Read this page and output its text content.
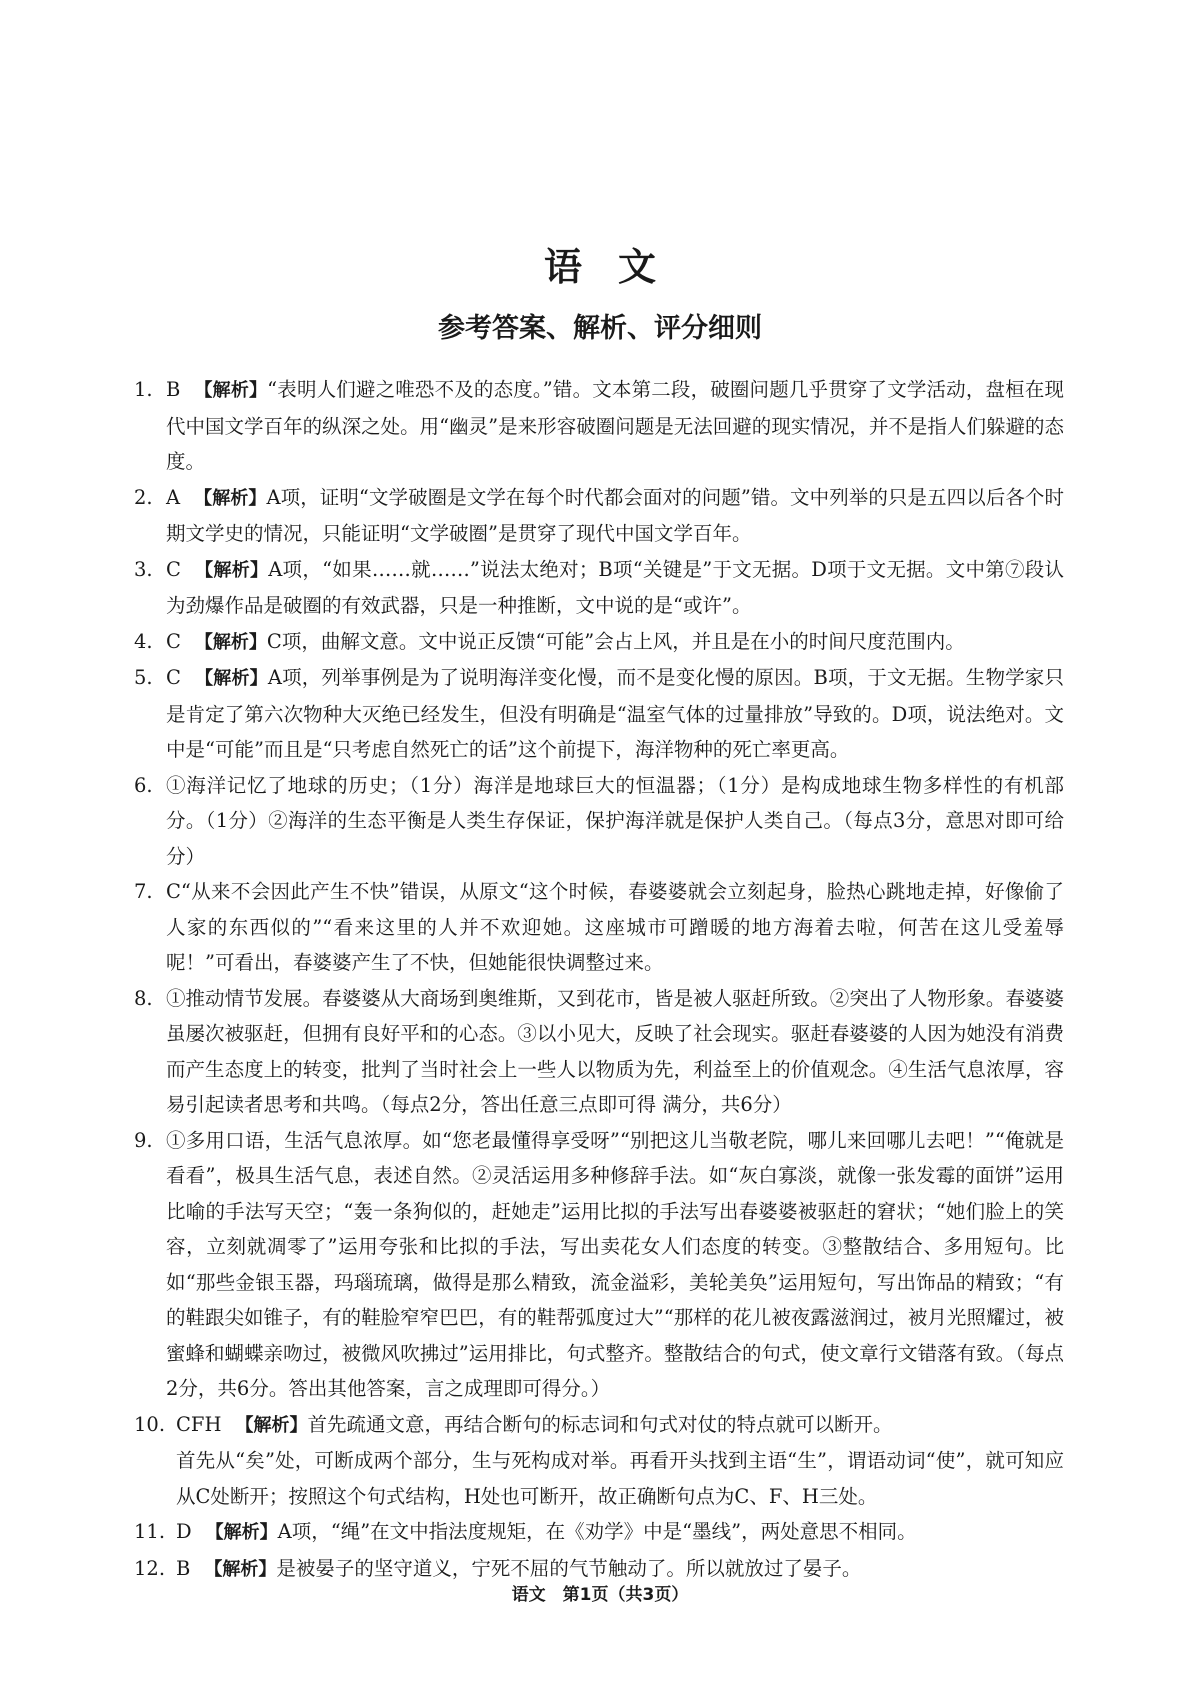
语文
参考答案、解析、评分细则

1. B 【解析】“表明人们避之唯恐不及的态度。”错。文本第二段，破圈问题几乎贯穿了文学活动，盘桓在现代中国文学百年的纵深之处。用“幽灵”是来形容破圈问题是无法回避的现实情况，并不是指人们躲避的态度。

2. A 【解析】A项，证明“文学破圈是文学在每个时代都会面对的问题”错。文中列举的只是五四以后各个时期文学史的情况，只能证明“文学破圈”是贯穿了现代中国文学百年。

3. C 【解析】A项，“如果……就……”说法太绝对；B项“关键是”于文无据。D项于文无据。文中第⑦段认为劲爆作品是破圈的有效武器，只是一种推断，文中说的是“或许”。

4. C 【解析】C项，曲解文意。文中说正反馈“可能”会占上风，并且是在小的时间尺度范围内。

5. C 【解析】A项，列举事例是为了说明海洋变化慢，而不是变化慢的原因。B项，于文无据。生物学家只是肯定了第六次物种大灭绝已经发生，但没有明确是“温室气体的过量排放”导致的。D项，说法绝对。文中是“可能”而且是“只考虑自然死亡的话”这个前提下，海洋物种的死亡率更高。

6. ①海洋记忆了地球的历史；（1分）海洋是地球巨大的恒温器；（1分）是构成地球生物多样性的有机部分。（1分）②海洋的生态平衡是人类生存保证，保护海洋就是保护人类自己。（每点3分，意思对即可给分）

7. C“从来不会因此产生不快”错误，从原文“这个时候，春婆婆就会立刻起身，脸热心跳地走掉，好像偷了人家的东西似的”“看来这里的人并不欢迎她。这座城市可蹭暖的地方海着去啦，何苦在这儿受羞辱呢！”可看出，春婆婆产生了不快，但她能很快调整过来。

8. ①推动情节发展。春婆婆从大商场到奥维斯，又到花市，皆是被人驱赶所致。②突出了人物形象。春婆婆虽屡次被驱赶，但拥有良好平和的心态。③以小见大，反映了社会现实。驱赶春婆婆的人因为她没有消费而产生态度上的转变，批判了当时社会上一些人以物质为先，利益至上的价值观念。④生活气息浓厚，容易引起读者思考和共鸣。（每点2分，答出任意三点即可得 满分，共6分）

9. ①多用口语，生活气息浓厚。如“您老最懂得享受呀”“别把这儿当敬老院，哪儿来回哪儿去吧！”“俺就是看看”，极具生活气息，表述自然。②灵活运用多种修辞手法。如“灰白寡淡，就像一张发霉的面饼”运用比喻的手法写天空；“轰一条狗似的，赶她走”运用比拟的手法写出春婆婆被驱赶的窘状；“她们脸上的笑容，立刻就凋零了”运用夸张和比拟的手法，写出卖花女人们态度的转变。③整散结合、多用短句。比如“那些金银玉器，玛瑙琉璃，做得是那么精致，流金溢彩，美轮美奂”运用短句，写出饰品的精致；“有的鞋跟尖如锥子，有的鞋脸窄窄巴巴，有的鞋帮弧度过大”“那样的花儿被夜露滋润过，被月光照耀过，被蜜蜂和蝴蝶亲吻过，被微风吹拂过”运用排比，句式整齐。整散结合的句式，使文章行文错落有致。（每点2分，共6分。答出其他答案，言之成理即可得分。）

10. CFH 【解析】首先疏通文意，再结合断句的标志词和句式对仗的特点就可以断开。
首先从“矣”处，可断成两个部分，生与死构成对举。再看开头找到主语“生”，谓语动词“使”，就可知应从C处断开；按照这个句式结构，H处也可断开，故正确断句点为C、F、H三处。

11. D 【解析】A项，“绳”在文中指法度规矩，在《劝学》中是“墨线”，两处意思不相同。

12. B 【解析】是被晏子的坚守道义，宁死不屈的气节触动了。所以就放过了晏子。

语文　第1页（共3页）
